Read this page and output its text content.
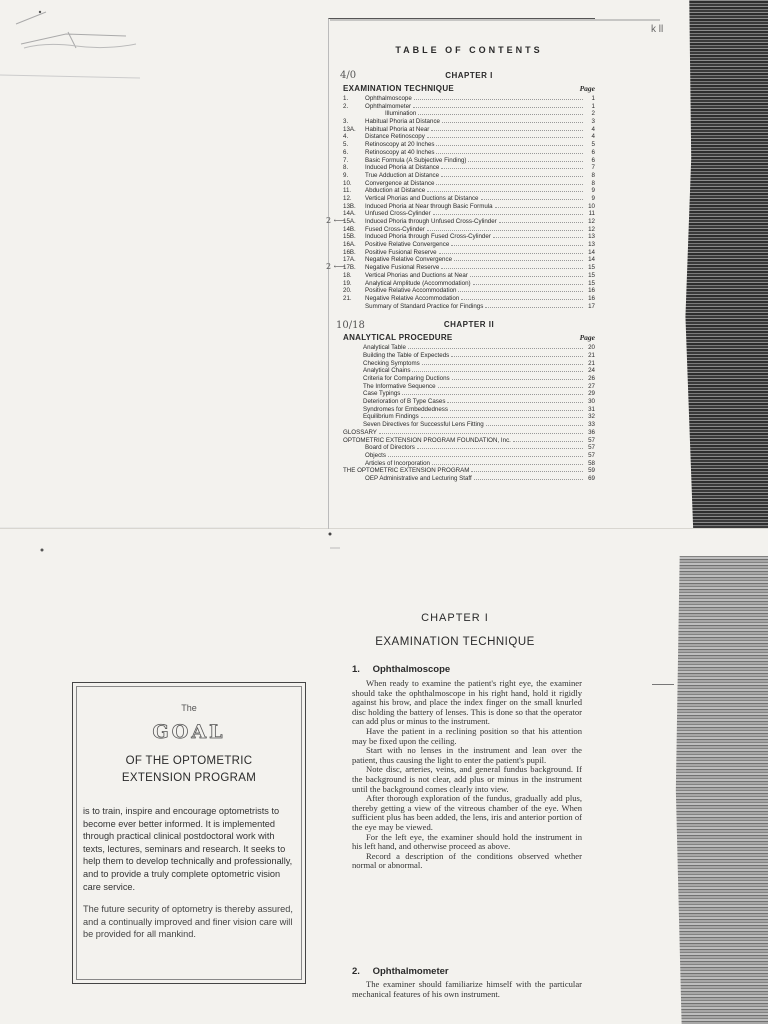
k ll
TABLE OF CONTENTS
CHAPTER I
EXAMINATION TECHNIQUE	Page
1.	Ophthalmoscope	1
2.	Ophthalmometer	1
Illumination	2
3.	Habitual Phoria at Distance	3
13A.	Habitual Phoria at Near	4
4.	Distance Retinoscopy	4
5.	Retinoscopy at 20 Inches	5
6.	Retinoscopy at 40 Inches	6
7.	Basic Formula (A Subjective Finding)	6
8.	Induced Phoria at Distance	7
9.	True Adduction at Distance	8
10.	Convergence at Distance	8
11.	Abduction at Distance	9
12.	Vertical Phorias and Ductions at Distance	9
13B.	Induced Phoria at Near through Basic Formula	10
14A.	Unfused Cross-Cylinder	11
15A.	Induced Phoria through Unfused Cross-Cylinder	12
14B.	Fused Cross-Cylinder	12
15B.	Induced Phoria through Fused Cross-Cylinder	13
16A.	Positive Relative Convergence	13
16B.	Positive Fusional Reserve	14
17A.	Negative Relative Convergence	14
17B.	Negative Fusional Reserve	15
18.	Vertical Phorias and Ductions at Near	15
19.	Analytical Amplitude (Accommodation)	15
20.	Positive Relative Accommodation	16
21.	Negative Relative Accommodation	16
Summary of Standard Practice for Findings	17
CHAPTER II
ANALYTICAL PROCEDURE	Page
Analytical Table	20
Building the Table of Expecteds	21
Checking Symptoms	21
Analytical Chains	24
Criteria for Comparing Ductions	26
The Informative Sequence	27
Case Typings	29
Deterioration of B Type Cases	30
Syndromes for Embeddedness	31
Equilibrium Findings	32
Seven Directives for Successful Lens Fitting	33
GLOSSARY	36
OPTOMETRIC EXTENSION PROGRAM FOUNDATION, Inc.	57
Board of Directors	57
Objects	57
Articles of Incorporation	58
THE OPTOMETRIC EXTENSION PROGRAM	59
OEP Administrative and Lecturing Staff	69
4/0
10/18
2 ⟵
2 ⟵
The
GOAL
OF THE OPTOMETRIC
EXTENSION PROGRAM
is to train, inspire and encourage optometrists to become ever better informed. It is implemented through practical clinical postdoctoral work with texts, lectures, seminars and research. It seeks to help them to develop technically and professionally, and to provide a truly complete optometric vision care service.
The future security of optometry is thereby assured, and a continually improved and finer vision care will be provided for all mankind.
CHAPTER I
EXAMINATION TECHNIQUE
1. Ophthalmoscope

When ready to examine the patient's right eye, the examiner should take the ophthalmoscope in his right hand, hold it rigidly against his brow, and place the index finger on the small knurled disc holding the battery of lenses. This is done so that the operator can add plus or minus to the instrument.

Have the patient in a reclining position so that his attention may be fixed upon the ceiling.

Start with no lenses in the instrument and lean over the patient, thus causing the light to enter the patient's pupil.

Note disc, arteries, veins, and general fundus background. If the background is not clear, add plus or minus in the instrument until the background comes clearly into view.

After thorough exploration of the fundus, gradually add plus, thereby getting a view of the vitreous chamber of the eye. When sufficient plus has been added, the lens, iris and anterior portion of the eye may be viewed.

For the left eye, the examiner should hold the instrument in his left hand, and otherwise proceed as above.

Record a description of the conditions observed whether normal or abnormal.

2. Ophthalmometer

The examiner should familiarize himself with the particular mechanical features of his own instrument.
